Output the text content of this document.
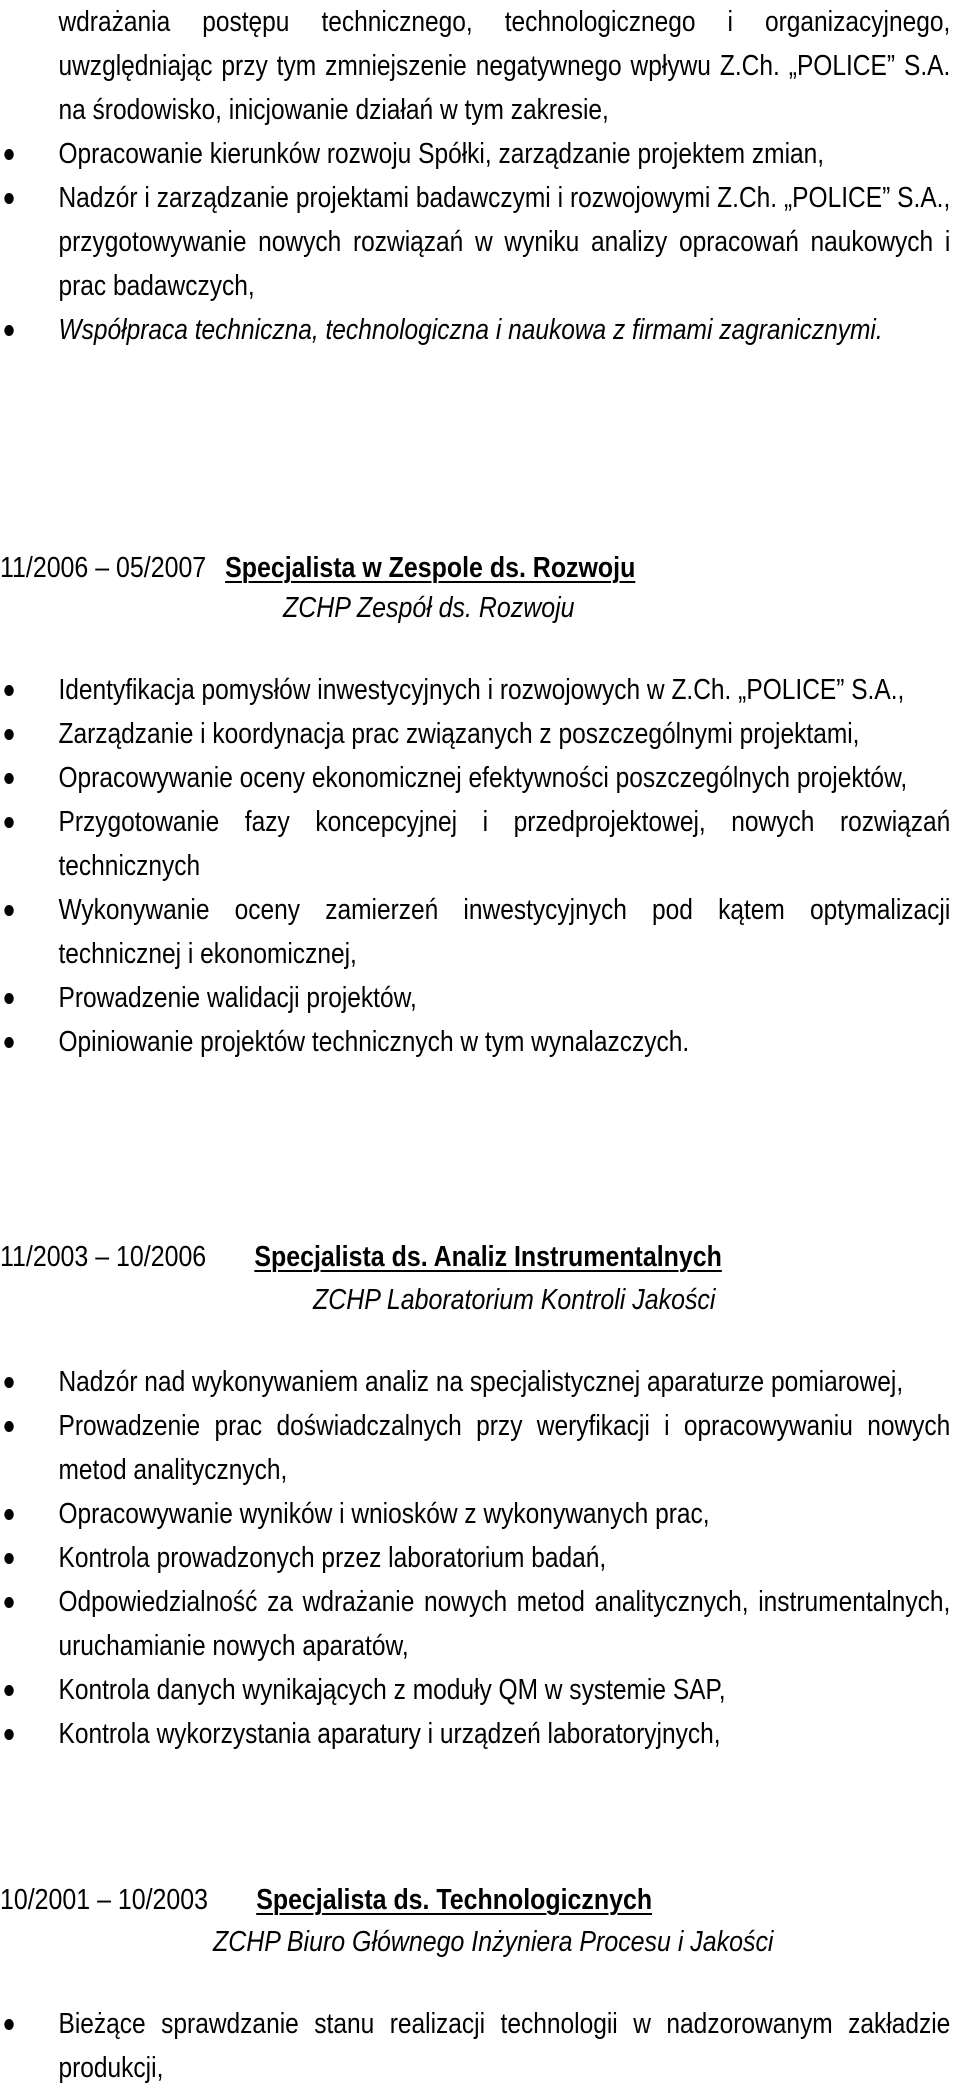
wdrażania postępu technicznego, technologicznego i organizacyjnego, uwzględniając przy tym zmniejszenie negatywnego wpływu Z.Ch. „POLICE” S.A. na środowisko, inicjowanie działań w tym zakresie,
Opracowanie kierunków rozwoju Spółki, zarządzanie projektem zmian,
Nadzór i zarządzanie projektami badawczymi i rozwojowymi Z.Ch. „POLICE” S.A., przygotowywanie nowych rozwiązań w wyniku analizy opracowań naukowych i prac badawczych,
Współpraca techniczna, technologiczna i naukowa z firmami zagranicznymi.
11/2006 – 05/2007 Specjalista w Zespole ds. Rozwoju
ZCHP Zespół ds. Rozwoju
Identyfikacja pomysłów inwestycyjnych i rozwojowych w Z.Ch. „POLICE” S.A.,
Zarządzanie i koordynacja prac związanych z poszczególnymi projektami,
Opracowywanie oceny ekonomicznej efektywności poszczególnych projektów,
Przygotowanie fazy koncepcyjnej i przedprojektowej, nowych rozwiązań technicznych
Wykonywanie oceny zamierzeń inwestycyjnych pod kątem optymalizacji technicznej i ekonomicznej,
Prowadzenie walidacji projektów,
Opiniowanie projektów technicznych w tym wynalazczych.
11/2003 – 10/2006 Specjalista ds. Analiz Instrumentalnych
ZCHP Laboratorium Kontroli Jakości
Nadzór nad wykonywaniem analiz na specjalistycznej aparaturze pomiarowej,
Prowadzenie prac doświadczalnych przy weryfikacji i opracowywaniu nowych metod analitycznych,
Opracowywanie wyników i wniosków z wykonywanych prac,
Kontrola prowadzonych przez laboratorium badań,
Odpowiedzialność za wdrażanie nowych metod analitycznych, instrumentalnych, uruchamianie nowych aparatów,
Kontrola danych wynikających z moduły QM w systemie SAP,
Kontrola wykorzystania aparatury i urządzeń laboratoryjnych,
10/2001 – 10/2003 Specjalista ds. Technologicznych
ZCHP Biuro Głównego Inżyniera Procesu i Jakości
Bieżące sprawdzanie stanu realizacji technologii w nadzorowanym zakładzie produkcji,
